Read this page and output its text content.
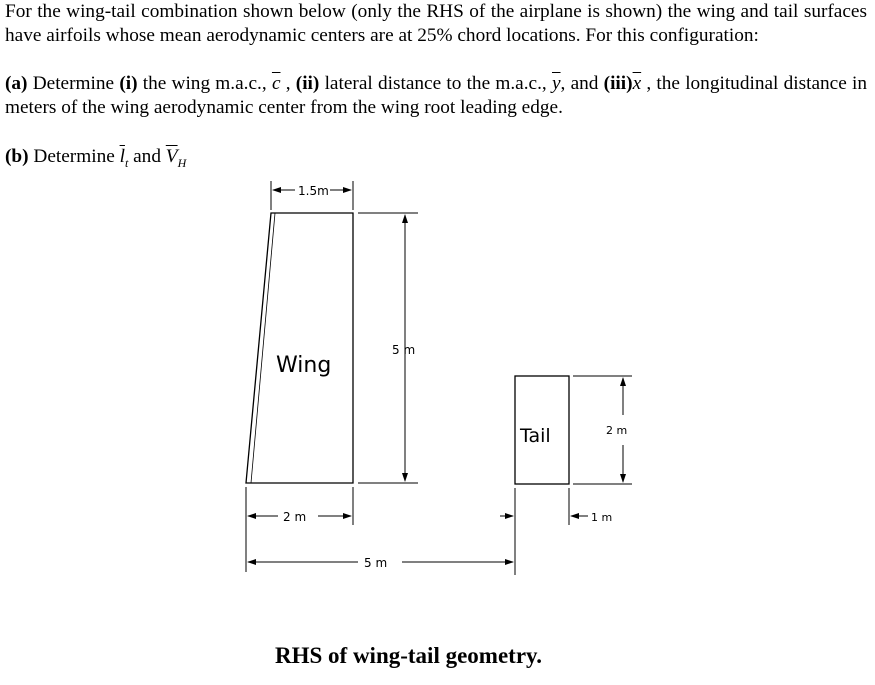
For the wing-tail combination shown below (only the RHS of the airplane is shown) the wing and tail surfaces have airfoils whose mean aerodynamic centers are at 25% chord locations. For this configuration:

(a) Determine (i) the wing m.a.c., $\overline{c}$ , (ii) lateral distance to the m.a.c., $\overline{y}$, and $(iii)\overline{x}$ , the longitudinal distance in meters of the wing aerodynamic center from the wing root leading edge.

(b) Determine $\overline{l}_t$ and $\overline{V}_H$

Wing
Tail
1.5m
5 m
2 m
2 m
1 m
5 m

RHS of wing-tail geometry.
